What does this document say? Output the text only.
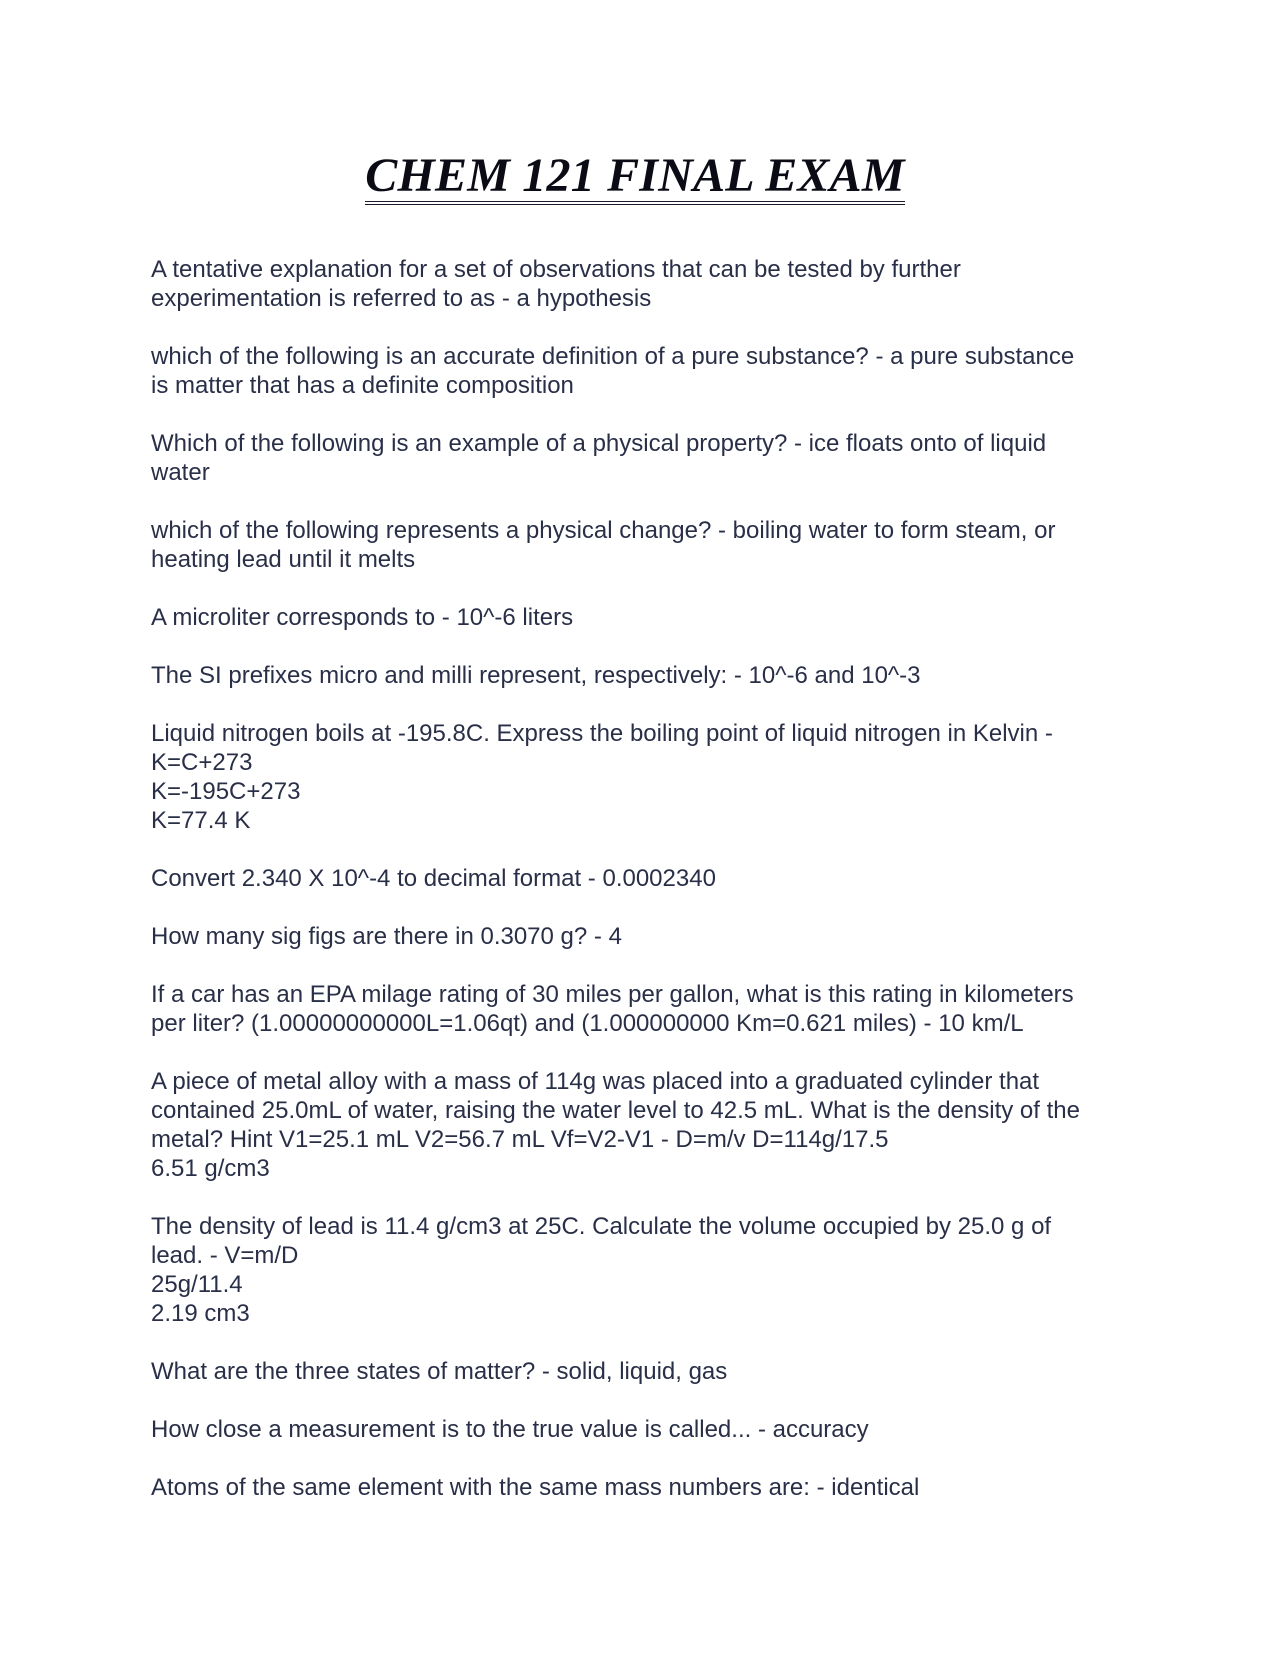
CHEM 121 FINAL EXAM
A tentative explanation for a set of observations that can be tested by further
experimentation is referred to as - a hypothesis
which of the following is an accurate definition of a pure substance? - a pure substance
is matter that has a definite composition
Which of the following is an example of a physical property? - ice floats onto of liquid
water
which of the following represents a physical change? - boiling water to form steam, or
heating lead until it melts
A microliter corresponds to - 10^-6 liters
The SI prefixes micro and milli represent, respectively: - 10^-6 and 10^-3
Liquid nitrogen boils at -195.8C. Express the boiling point of liquid nitrogen in Kelvin -
K=C+273
K=-195C+273
K=77.4 K
Convert 2.340 X 10^-4 to decimal format - 0.0002340
How many sig figs are there in 0.3070 g? - 4
If a car has an EPA milage rating of 30 miles per gallon, what is this rating in kilometers
per liter? (1.00000000000L=1.06qt) and (1.000000000 Km=0.621 miles) - 10 km/L
A piece of metal alloy with a mass of 114g was placed into a graduated cylinder that
contained 25.0mL of water, raising the water level to 42.5 mL. What is the density of the
metal? Hint V1=25.1 mL V2=56.7 mL Vf=V2-V1 - D=m/v D=114g/17.5
6.51 g/cm3
The density of lead is 11.4 g/cm3 at 25C. Calculate the volume occupied by 25.0 g of
lead. - V=m/D
25g/11.4
2.19 cm3
What are the three states of matter? - solid, liquid, gas
How close a measurement is to the true value is called... - accuracy
Atoms of the same element with the same mass numbers are: - identical
